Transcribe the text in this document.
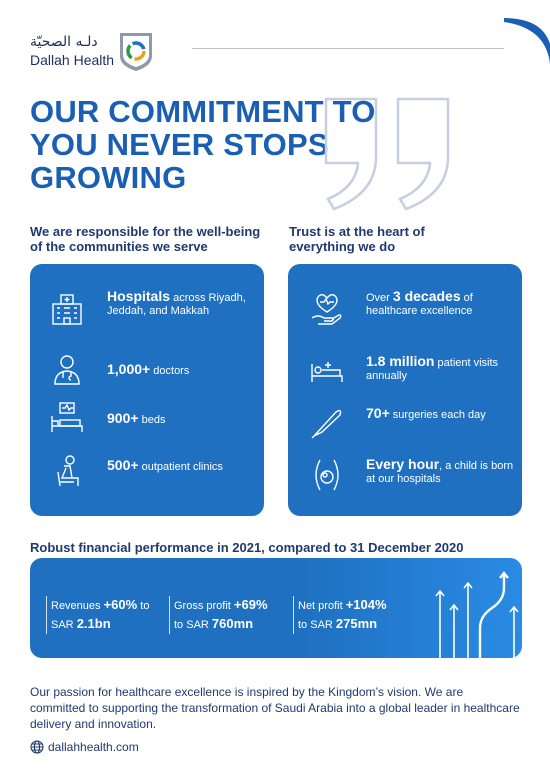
دلـه الصحيّة
Dallah Health
OUR COMMITMENT TO YOU NEVER STOPS GROWING
We are responsible for the well-being of the communities we serve
Trust is at the heart of everything we do
Hospitals across Riyadh, Jeddah, and Makkah
1,000+ doctors
900+ beds
500+ outpatient clinics
Over 3 decades of healthcare excellence
1.8 million patient visits annually
70+ surgeries each day
Every hour, a child is born at our hospitals
Robust financial performance in 2021, compared to 31 December 2020
Revenues +60% to
SAR 2.1bn
Gross profit +69%
to SAR 760mn
Net profit +104%
to SAR 275mn
Our passion for healthcare excellence is inspired by the Kingdom’s vision. We are committed to supporting the transformation of Saudi Arabia into a global leader in healthcare delivery and innovation.
dallahhealth.com
